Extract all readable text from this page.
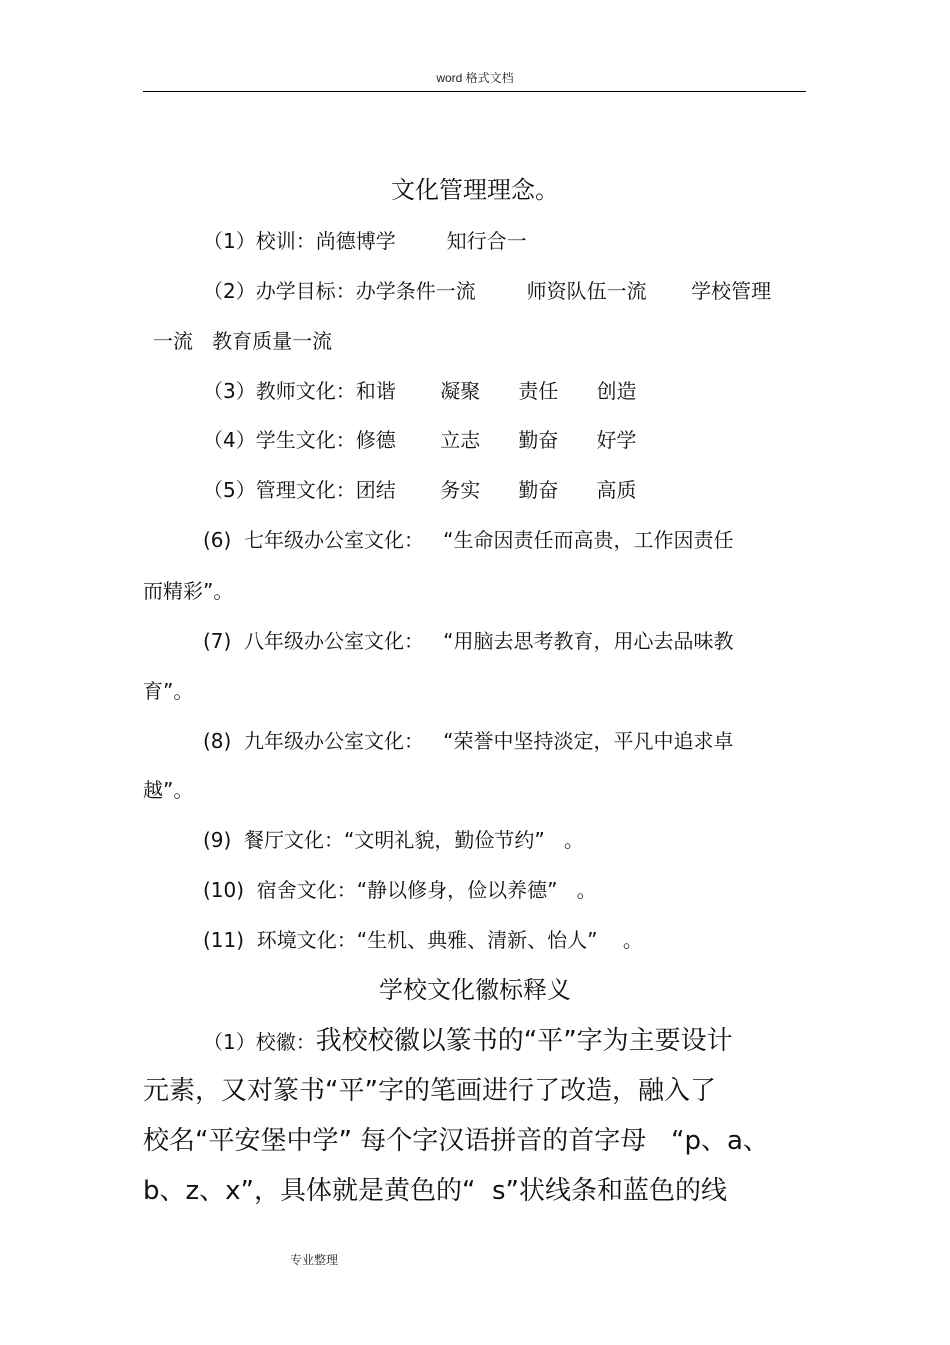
word 格式文档
文化管理理念。
（1）校训：尚德博学        知行合一
（2）办学目标：办学条件一流        师资队伍一流       学校管理
一流   教育质量一流
（3）教师文化：和谐       凝聚      责任      创造
（4）学生文化：修德       立志      勤奋      好学
（5）管理文化：团结       务实      勤奋      高质
(6)  七年级办公室文化：   “生命因责任而高贵，工作因责任
而精彩”。
(7)  八年级办公室文化：   “用脑去思考教育，用心去品味教
育”。
(8)  九年级办公室文化：   “荣誉中坚持淡定，平凡中追求卓
越”。
(9)  餐厅文化：“文明礼貌，勤俭节约”   。
(10)  宿舍文化：“静以修身，俭以养德”   。
(11)  环境文化：“生机、典雅、清新、怡人”    。
学校文化徽标释义
（1）校徽：我校校徽以篆书的“平”字为主要设计
元素，又对篆书“平”字的笔画进行了改造，融入了
校名“平安堡中学” 每个字汉语拼音的首字母   “p、a、
b、z、x”，具体就是黄色的“  s”状线条和蓝色的线
专业整理
